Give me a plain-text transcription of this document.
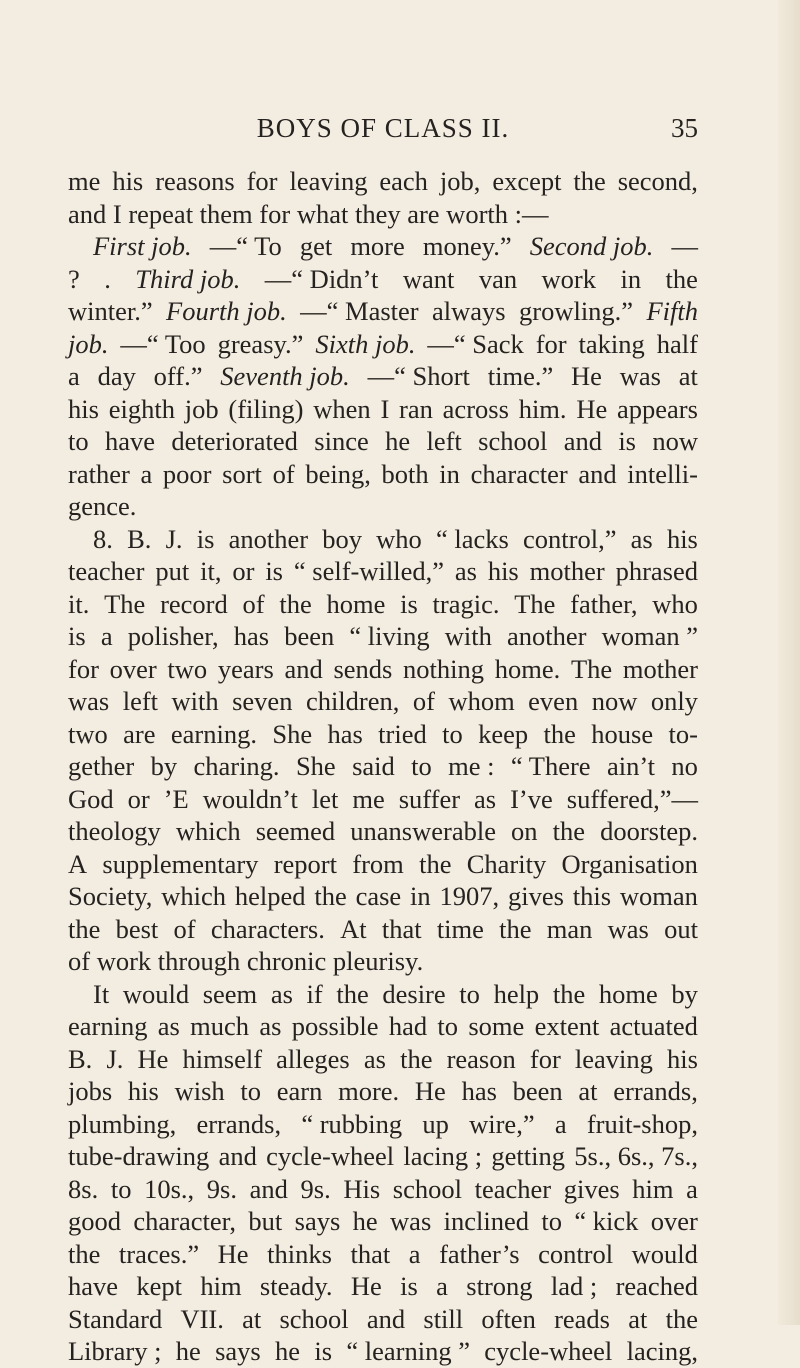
BOYS OF CLASS II.	35
me his reasons for leaving each job, except the second,
and I repeat them for what they are worth :—
First job. —“ To get more money.” Second job. —
? . Third job. —“ Didn’t want van work in the
winter.” Fourth job. —“ Master always growling.” Fifth
job. —“ Too greasy.” Sixth job. —“ Sack for taking half
a day off.” Seventh job. —“ Short time.” He was at
his eighth job (filing) when I ran across him. He appears
to have deteriorated since he left school and is now
rather a poor sort of being, both in character and intelli-
gence.
8. B. J. is another boy who “ lacks control,” as his
teacher put it, or is “ self-willed,” as his mother phrased
it. The record of the home is tragic. The father, who
is a polisher, has been “ living with another woman ”
for over two years and sends nothing home. The mother
was left with seven children, of whom even now only
two are earning. She has tried to keep the house to-
gether by charing. She said to me : “ There ain’t no
God or ’E wouldn’t let me suffer as I’ve suffered,”—
theology which seemed unanswerable on the doorstep.
A supplementary report from the Charity Organisation
Society, which helped the case in 1907, gives this woman
the best of characters. At that time the man was out
of work through chronic pleurisy.
It would seem as if the desire to help the home by
earning as much as possible had to some extent actuated
B. J. He himself alleges as the reason for leaving his
jobs his wish to earn more. He has been at errands,
plumbing, errands, “ rubbing up wire,” a fruit-shop,
tube-drawing and cycle-wheel lacing ; getting 5s., 6s., 7s.,
8s. to 10s., 9s. and 9s. His school teacher gives him a
good character, but says he was inclined to “ kick over
the traces.” He thinks that a father’s control would
have kept him steady. He is a strong lad ; reached
Standard VII. at school and still often reads at the
Library ; he says he is “ learning ” cycle-wheel lacing,
